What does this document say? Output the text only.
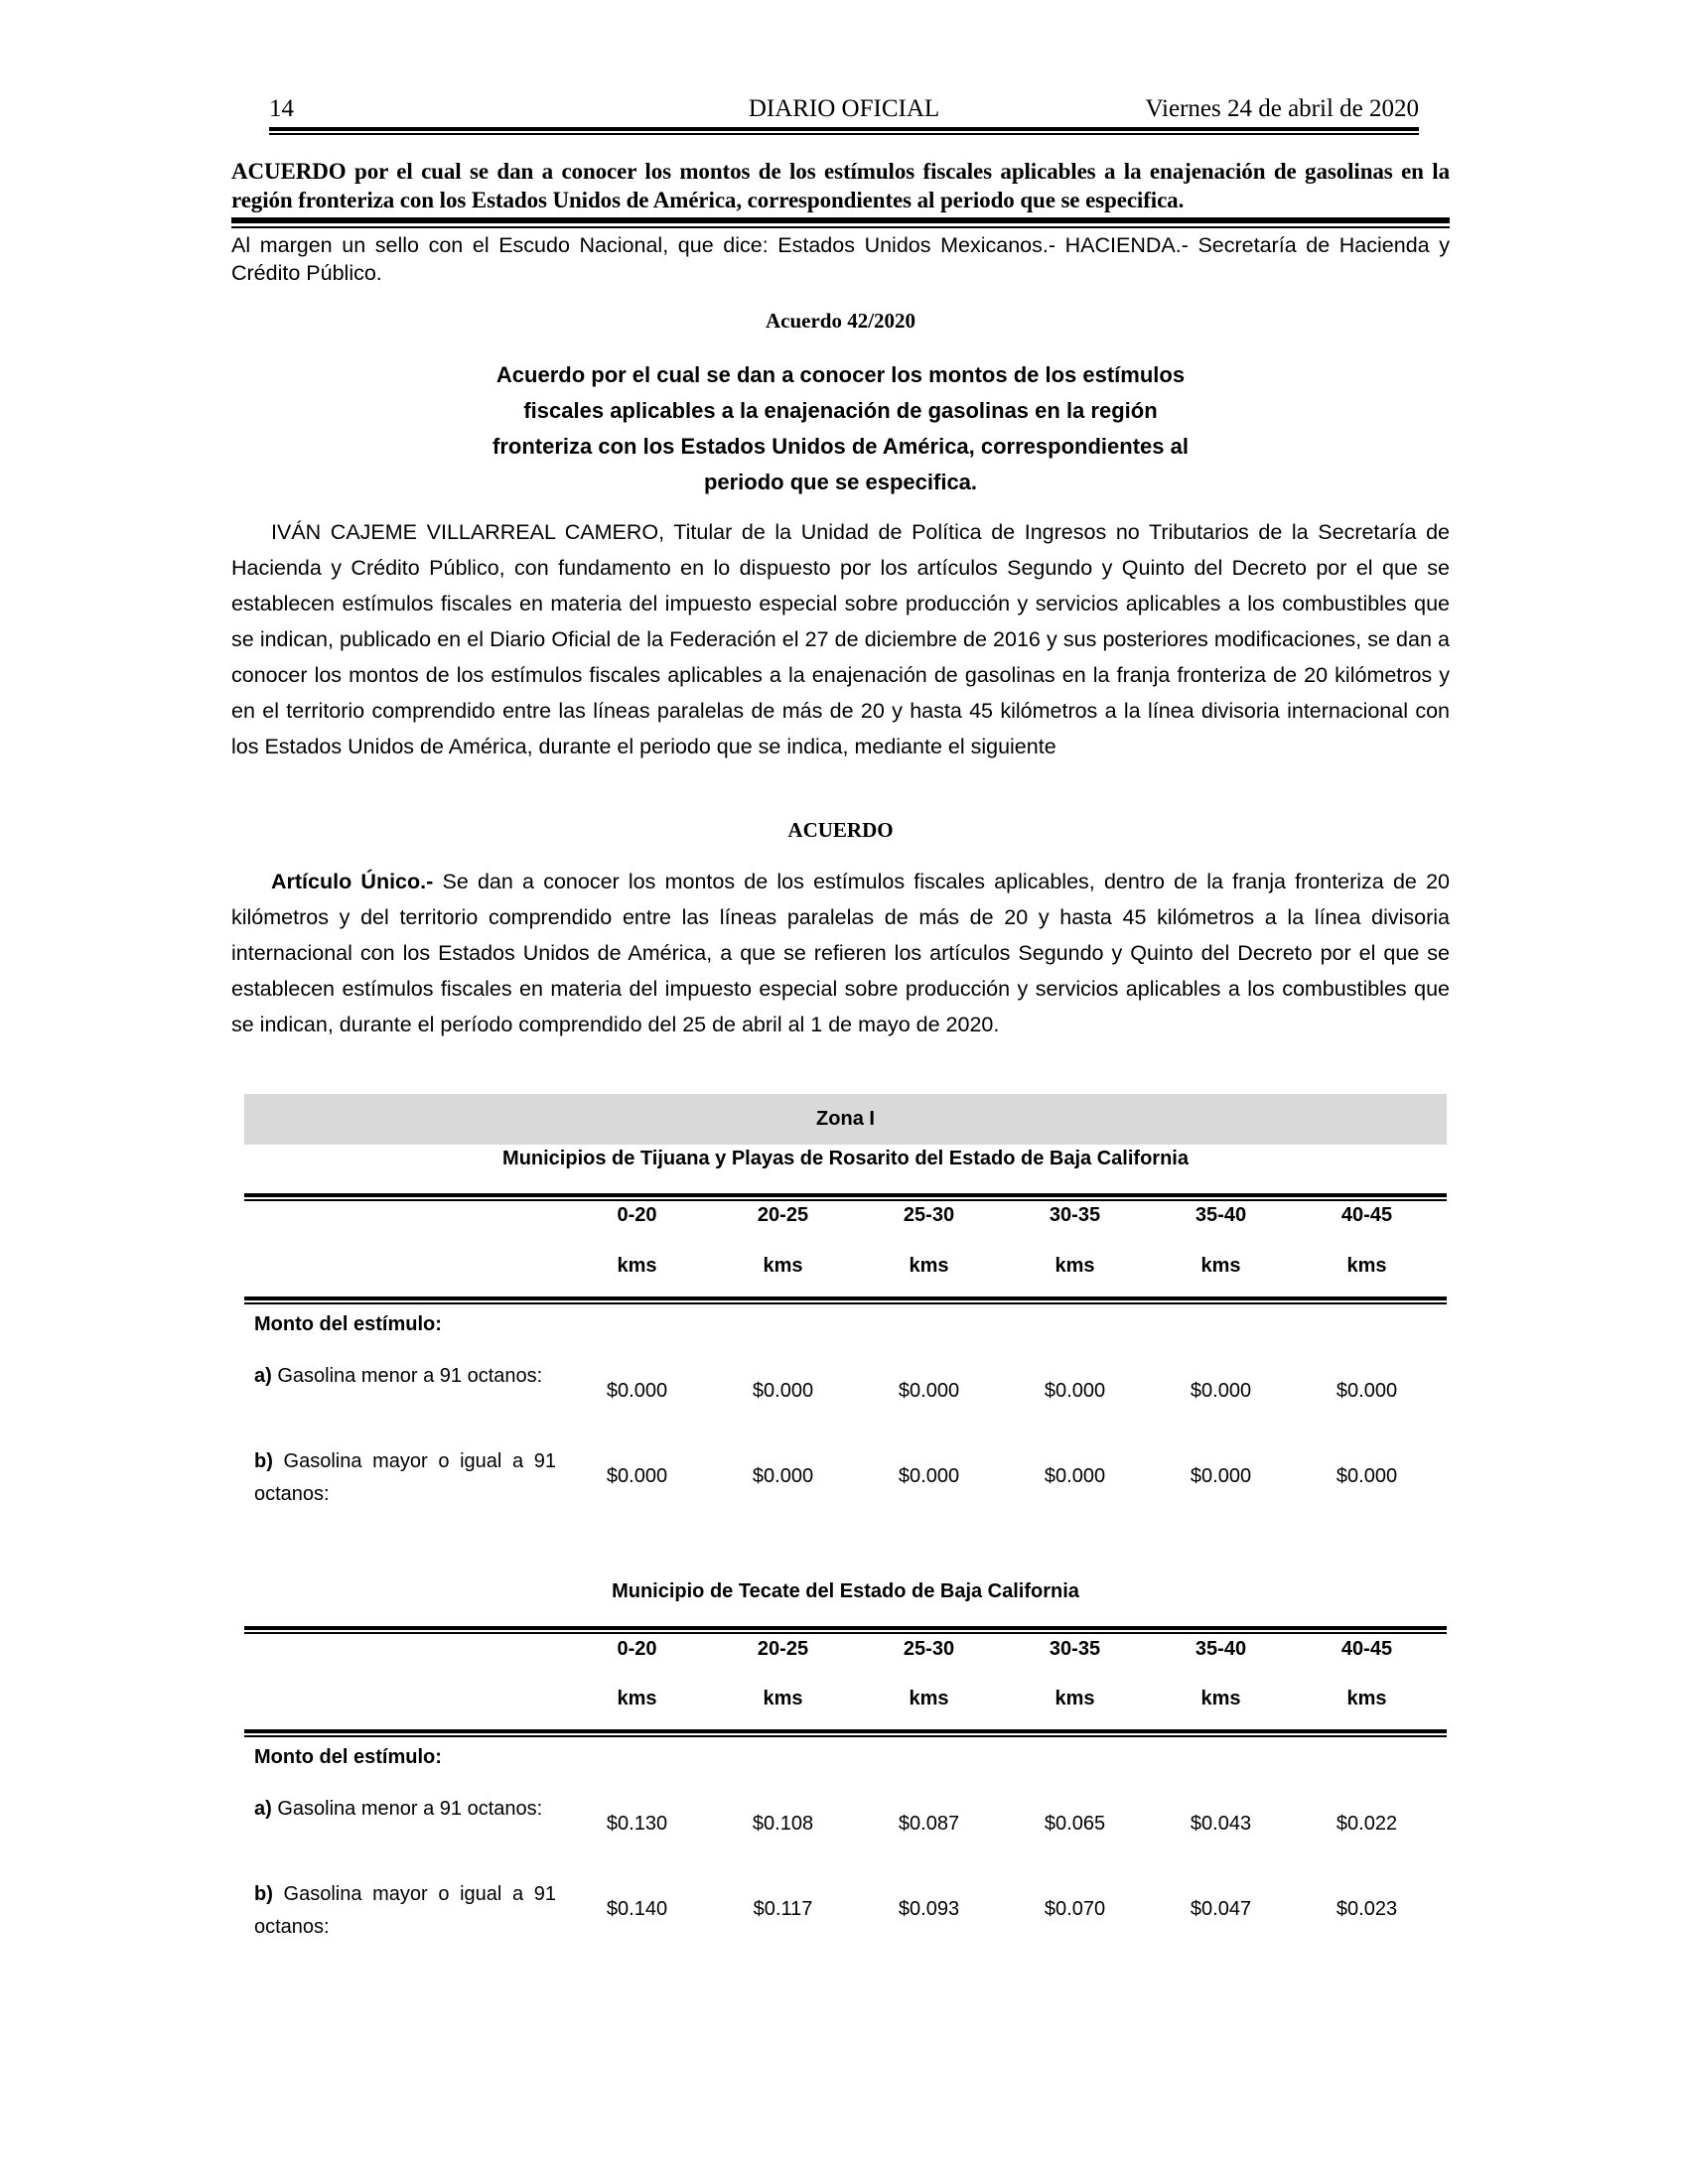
14	DIARIO OFICIAL	Viernes 24 de abril de 2020
ACUERDO por el cual se dan a conocer los montos de los estímulos fiscales aplicables a la enajenación de gasolinas en la región fronteriza con los Estados Unidos de América, correspondientes al periodo que se especifica.
Al margen un sello con el Escudo Nacional, que dice: Estados Unidos Mexicanos.- HACIENDA.- Secretaría de Hacienda y Crédito Público.
Acuerdo 42/2020
Acuerdo por el cual se dan a conocer los montos de los estímulos
fiscales aplicables a la enajenación de gasolinas en la región
fronteriza con los Estados Unidos de América, correspondientes al
periodo que se especifica.
IVÁN CAJEME VILLARREAL CAMERO, Titular de la Unidad de Política de Ingresos no Tributarios de la Secretaría de Hacienda y Crédito Público, con fundamento en lo dispuesto por los artículos Segundo y Quinto del Decreto por el que se establecen estímulos fiscales en materia del impuesto especial sobre producción y servicios aplicables a los combustibles que se indican, publicado en el Diario Oficial de la Federación el 27 de diciembre de 2016 y sus posteriores modificaciones, se dan a conocer los montos de los estímulos fiscales aplicables a la enajenación de gasolinas en la franja fronteriza de 20 kilómetros y en el territorio comprendido entre las líneas paralelas de más de 20 y hasta 45 kilómetros a la línea divisoria internacional con los Estados Unidos de América, durante el periodo que se indica, mediante el siguiente
ACUERDO
Artículo Único.- Se dan a conocer los montos de los estímulos fiscales aplicables, dentro de la franja fronteriza de 20 kilómetros y del territorio comprendido entre las líneas paralelas de más de 20 y hasta 45 kilómetros a la línea divisoria internacional con los Estados Unidos de América, a que se refieren los artículos Segundo y Quinto del Decreto por el que se establecen estímulos fiscales en materia del impuesto especial sobre producción y servicios aplicables a los combustibles que se indican, durante el período comprendido del 25 de abril al 1 de mayo de 2020.
Zona I
Municipios de Tijuana y Playas de Rosarito del Estado de Baja California
0-20	20-25	25-30	30-35	35-40	40-45
kms	kms	kms	kms	kms	kms
Monto del estímulo:
a) Gasolina menor a 91 octanos:
$0.000	$0.000	$0.000	$0.000	$0.000	$0.000
b) Gasolina mayor o igual a 91 octanos:
$0.000	$0.000	$0.000	$0.000	$0.000	$0.000
Municipio de Tecate del Estado de Baja California
0-20	20-25	25-30	30-35	35-40	40-45
kms	kms	kms	kms	kms	kms
Monto del estímulo:
a) Gasolina menor a 91 octanos:
$0.130	$0.108	$0.087	$0.065	$0.043	$0.022
b) Gasolina mayor o igual a 91 octanos:
$0.140	$0.117	$0.093	$0.070	$0.047	$0.023
